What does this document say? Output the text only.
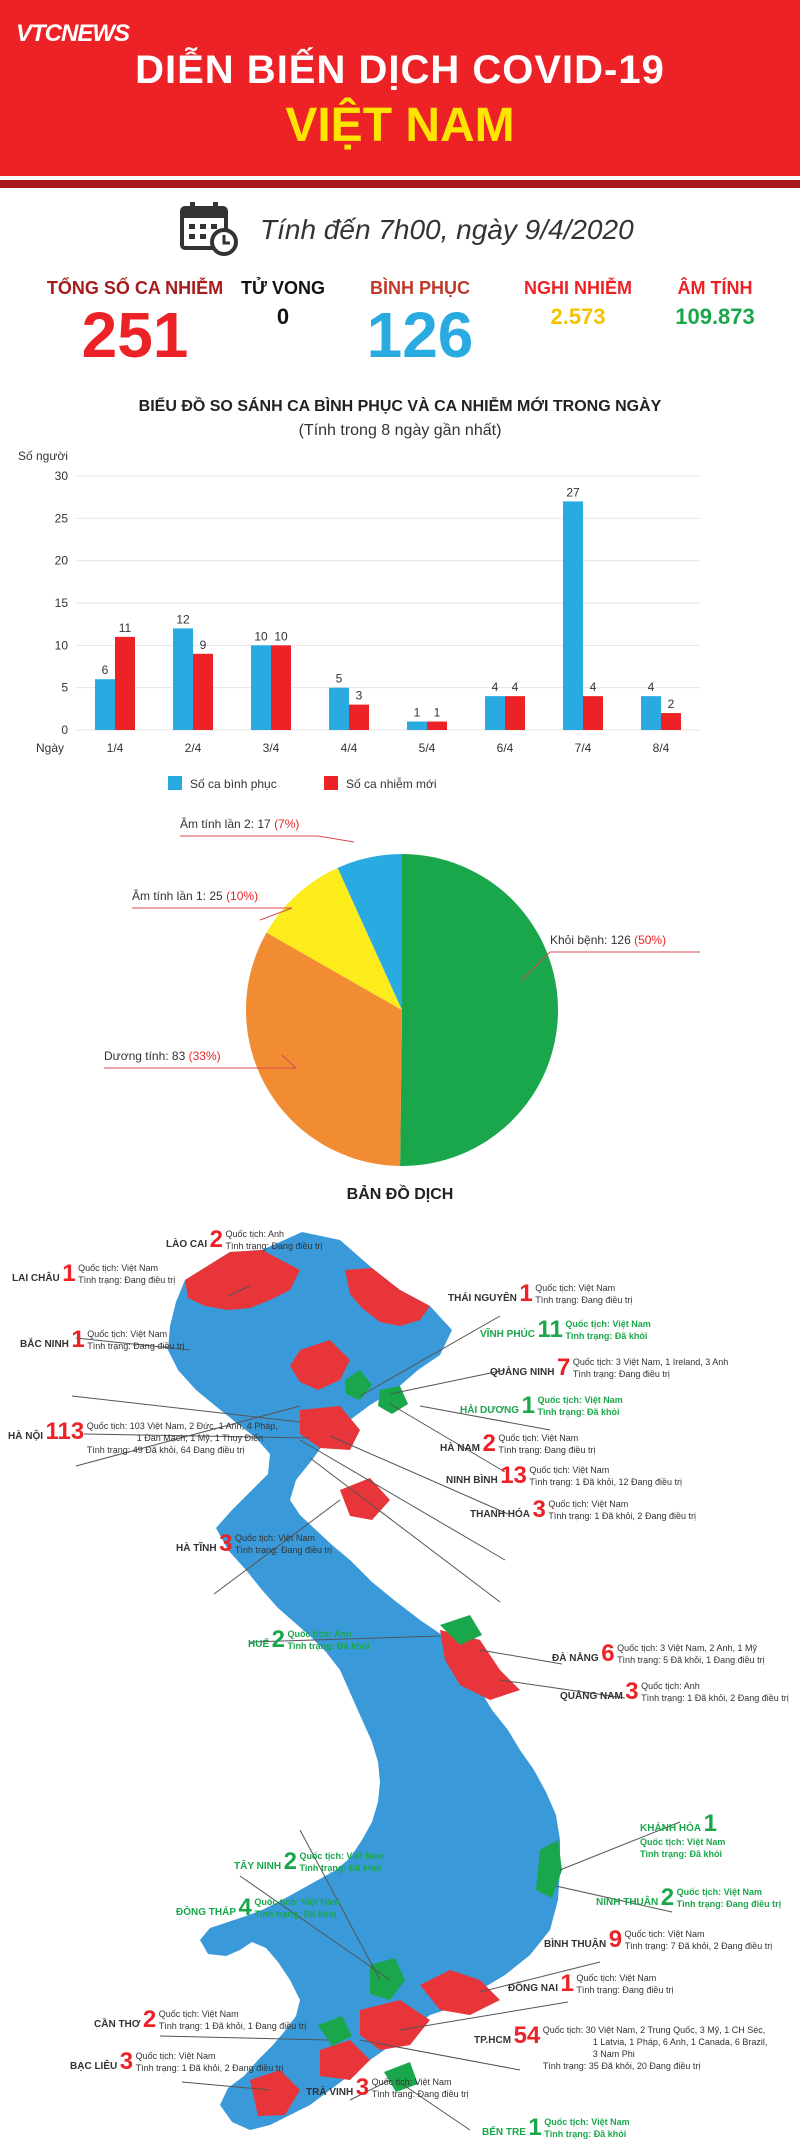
VTCNEWS
DIỄN BIẾN DỊCH COVID-19
VIỆT NAM
Tính đến 7h00, ngày 9/4/2020
TỔNG SỐ CA NHIỄM
251
TỬ VONG
0
BÌNH PHỤC
126
NGHI NHIỄM
2.573
ÂM TÍNH
109.873
BIỂU ĐỒ SO SÁNH CA BÌNH PHỤC VÀ CA NHIỄM MỚI TRONG NGÀY
(Tính trong 8 ngày gần nhất)
Số người
0
5
10
15
20
25
30
6
11
1/4
12
9
2/4
10 10
3/4
5
3
4/4
1 1
5/4
4 4
6/4
27
4
7/4
4
2
8/4
Ngày
Số ca bình phục	Số ca nhiễm mới
Khỏi bệnh: 126 (50%)
Dương tính: 83 (33%)
Âm tính lần 1: 25 (10%)
Âm tính lần 2: 17 (7%)
BẢN ĐỒ DỊCH
LÀO CAI 2 Quốc tịch: Anh
Tình trạng: Đang điều trị
LAI CHÂU 1 Quốc tịch: Việt Nam
Tình trạng: Đang điều trị
BẮC NINH 1 Quốc tịch: Việt Nam
Tình trạng: Đang điều trị
HÀ NỘI 113 Quốc tịch: 103 Việt Nam, 2 Đức, 1 Anh, 4 Pháp,
1 Đan Mạch, 1 Mỹ, 1 Thụy Điển
Tình trạng: 49 Đã khỏi, 64 Đang điều trị
THÁI NGUYÊN 1 Quốc tịch: Việt Nam
Tình trạng: Đang điều trị
VĨNH PHÚC 11 Quốc tịch: Việt Nam
Tình trạng: Đã khỏi
QUẢNG NINH 7 Quốc tịch: 3 Việt Nam, 1 Ireland, 3 Anh
Tình trạng: Đang điều trị
HẢI DƯƠNG 1 Quốc tịch: Việt Nam
Tình trạng: Đã khỏi
HÀ NAM 2 Quốc tịch: Việt Nam
Tình trạng: Đang điều trị
NINH BÌNH 13 Quốc tịch: Việt Nam
Tình trạng: 1 Đã khỏi, 12 Đang điều trị
THANH HÓA 3 Quốc tịch: Việt Nam
Tình trạng: 1 Đã khỏi, 2 Đang điều trị
HÀ TĨNH 3 Quốc tịch: Việt Nam
Tình trạng: Đang điều trị
HUẾ 2 Quốc tịch: Anh
Tình trạng: Đã khỏi
ĐÀ NẴNG 6 Quốc tịch: 3 Việt Nam, 2 Anh, 1 Mỹ
Tình trạng: 5 Đã khỏi, 1 Đang điều trị
QUẢNG NAM 3 Quốc tịch: Anh
Tình trạng: 1 Đã khỏi, 2 Đang điều trị
KHÁNH HÒA 1 Quốc tịch: Việt Nam
Tình trạng: Đã khỏi
TÂY NINH 2 Quốc tịch: Việt Nam
Tình trạng: Đã khỏi
ĐỒNG THÁP 4 Quốc tịch: Việt Nam
Tình trạng: Đã khỏi
NINH THUẬN 2 Quốc tịch: Việt Nam
Tình trạng: Đang điều trị
BÌNH THUẬN 9 Quốc tịch: Việt Nam
Tình trạng: 7 Đã khỏi, 2 Đang điều trị
ĐỒNG NAI 1 Quốc tịch: Việt Nam
Tình trạng: Đang điều trị
CẦN THƠ 2 Quốc tịch: Việt Nam
Tình trạng: 1 Đã khỏi, 1 Đang điều trị
TP.HCM 54 Quốc tịch: 30 Việt Nam, 2 Trung Quốc, 3 Mỹ, 1 CH Séc,
1 Latvia, 1 Pháp, 6 Anh, 1 Canada, 6 Brazil,
3 Nam Phi
Tình trạng: 35 Đã khỏi, 20 Đang điều trị
BẠC LIÊU 3 Quốc tịch: Việt Nam
Tình trạng: 1 Đã khỏi, 2 Đang điều trị
TRÀ VINH 3 Quốc tịch: Việt Nam
Tình trạng: Đang điều trị
BẾN TRE 1 Quốc tịch: Việt Nam
Tình trạng: Đã khỏi
